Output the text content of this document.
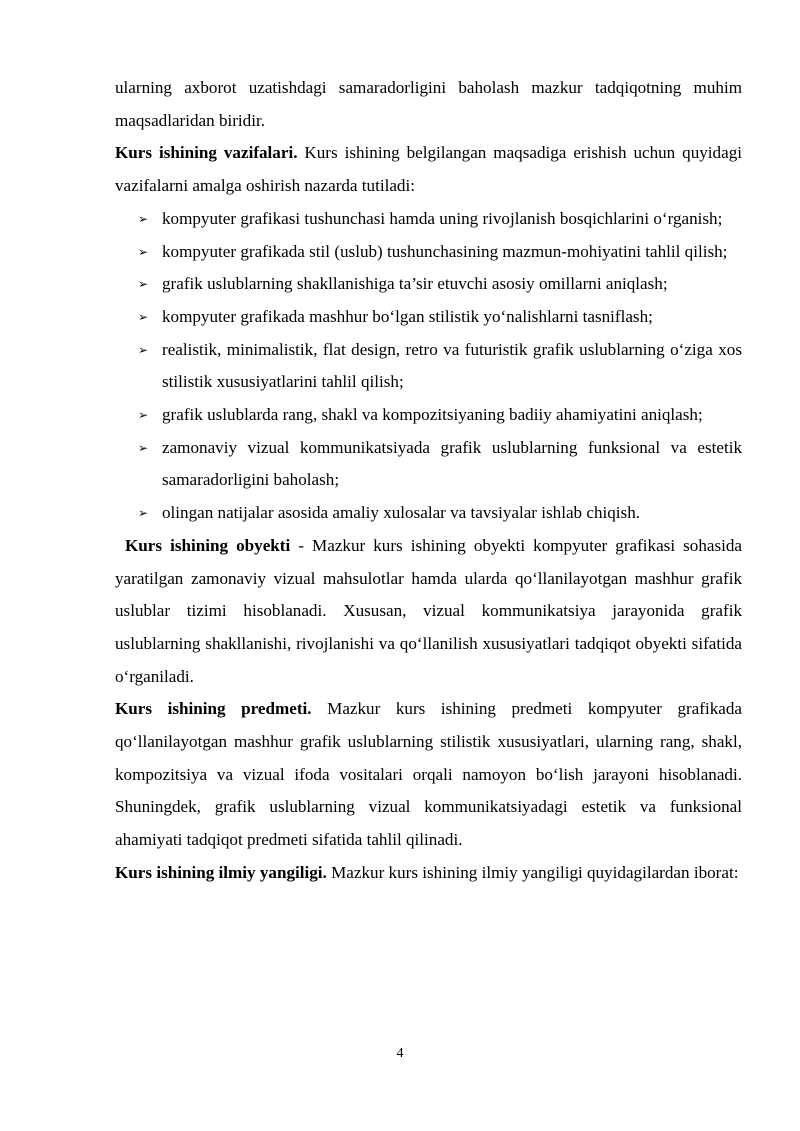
ularning axborot uzatishdagi samaradorligini baholash mazkur tadqiqotning muhim maqsadlaridan biridir.

Kurs ishining vazifalari. Kurs ishining belgilangan maqsadiga erishish uchun quyidagi vazifalarni amalga oshirish nazarda tutiladi:

➢ kompyuter grafikasi tushunchasi hamda uning rivojlanish bosqichlarini o‘rganish;
➢ kompyuter grafikada stil (uslub) tushunchasining mazmun-mohiyatini tahlil qilish;
➢ grafik uslublarning shakllanishiga ta’sir etuvchi asosiy omillarni aniqlash;
➢ kompyuter grafikada mashhur bo‘lgan stilistik yo‘nalishlarni tasniflash;
➢ realistik, minimalistik, flat design, retro va futuristik grafik uslublarning o‘ziga xos stilistik xususiyatlarini tahlil qilish;
➢ grafik uslublarda rang, shakl va kompozitsiyaning badiiy ahamiyatini aniqlash;
➢ zamonaviy vizual kommunikatsiyada grafik uslublarning funksional va estetik samaradorligini baholash;
➢ olingan natijalar asosida amaliy xulosalar va tavsiyalar ishlab chiqish.

Kurs ishining obyekti - Mazkur kurs ishining obyekti kompyuter grafikasi sohasida yaratilgan zamonaviy vizual mahsulotlar hamda ularda qo‘llanilayotgan mashhur grafik uslublar tizimi hisoblanadi. Xususan, vizual kommunikatsiya jarayonida grafik uslublarning shakllanishi, rivojlanishi va qo‘llanilish xususiyatlari tadqiqot obyekti sifatida o‘rganiladi.

Kurs ishining predmeti. Mazkur kurs ishining predmeti kompyuter grafikada qo‘llanilayotgan mashhur grafik uslublarning stilistik xususiyatlari, ularning rang, shakl, kompozitsiya va vizual ifoda vositalari orqali namoyon bo‘lish jarayoni hisoblanadi. Shuningdek, grafik uslublarning vizual kommunikatsiyadagi estetik va funksional ahamiyati tadqiqot predmeti sifatida tahlil qilinadi.

Kurs ishining ilmiy yangiligi. Mazkur kurs ishining ilmiy yangiligi quyidagilardan iborat:

4
